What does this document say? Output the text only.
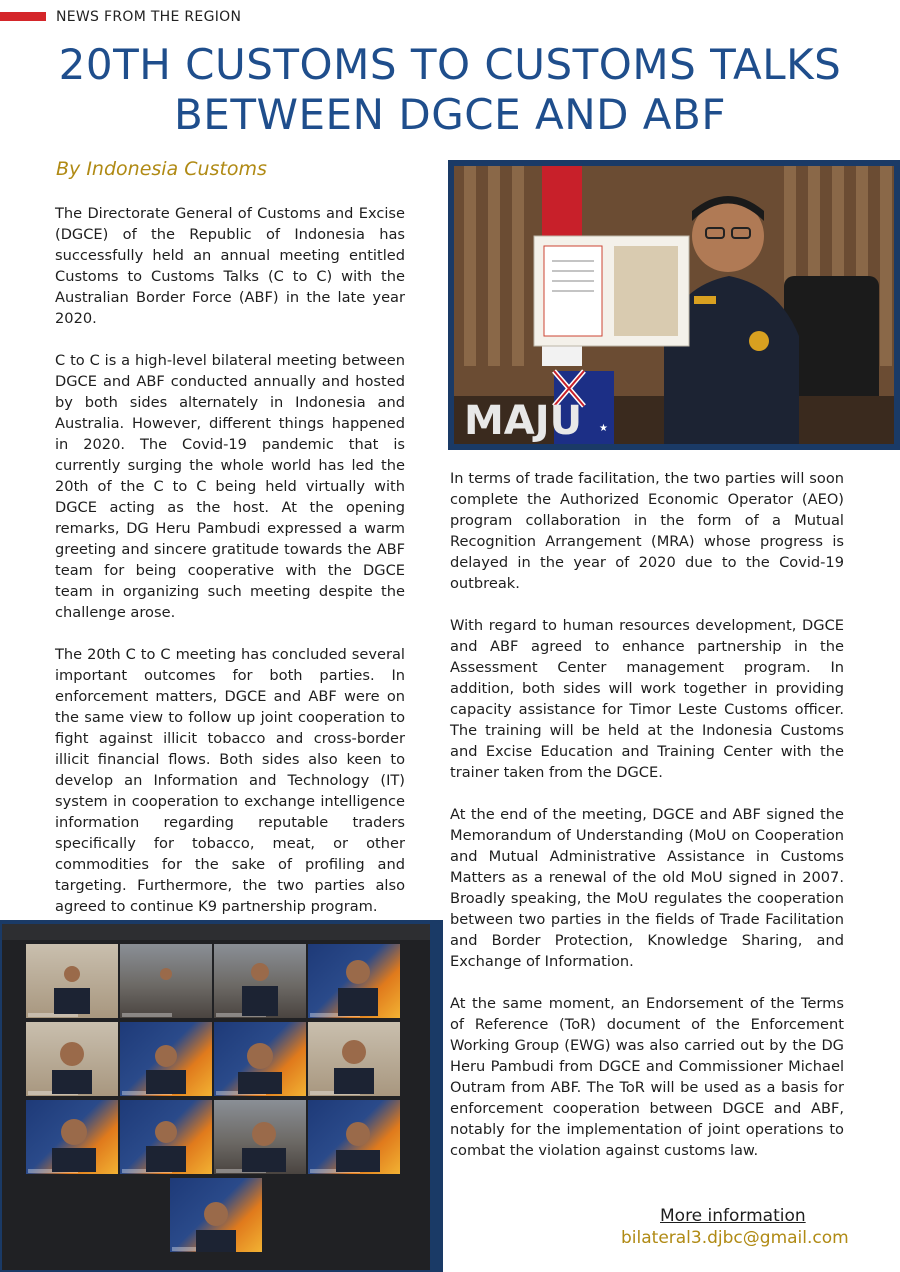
NEWS FROM THE REGION
20TH CUSTOMS TO CUSTOMS TALKS
BETWEEN DGCE AND ABF
By Indonesia Customs

The Directorate General of Customs and Excise (DGCE) of the Republic of Indonesia has successfully held an annual meeting entitled Customs to Customs Talks (C to C) with the Australian Border Force (ABF) in the late year 2020.

C to C is a high-level bilateral meeting between DGCE and ABF conducted annually and hosted by both sides alternately in Indonesia and Australia. However, different things happened in 2020. The Covid-19 pandemic that is currently surging the whole world has led the 20th of the C to C being held virtually with DGCE acting as the host. At the opening remarks, DG Heru Pambudi expressed a warm greeting and sincere gratitude towards the ABF team for being cooperative with the DGCE team in organizing such meeting despite the challenge arose.

The 20th C to C meeting has concluded several important outcomes for both parties. In enforcement matters, DGCE and ABF were on the same view to follow up joint cooperation to fight against illicit tobacco and cross-border illicit financial flows. Both sides also keen to develop an Information and Technology (IT) system in cooperation to exchange intelligence information regarding reputable traders specifically for tobacco, meat, or other commodities for the sake of profiling and targeting. Furthermore, the two parties also agreed to continue K9 partnership program.

★
MAJU

In terms of trade facilitation, the two parties will soon complete the Authorized Economic Operator (AEO) program collaboration in the form of a Mutual Recognition Arrangement (MRA) whose progress is delayed in the year of 2020 due to the Covid-19 outbreak.

With regard to human resources development, DGCE and ABF agreed to enhance partnership in the Assessment Center management program. In addition, both sides will work together in providing capacity assistance for Timor Leste Customs officer. The training will be held at the Indonesia Customs and Excise Education and Training Center with the trainer taken from the DGCE.

At the end of the meeting, DGCE and ABF signed the Memorandum of Understanding (MoU on Cooperation and Mutual Administrative Assistance in Customs Matters as a renewal of the old MoU signed in 2007. Broadly speaking, the MoU regulates the cooperation between two parties in the fields of Trade Facilitation and Border Protection, Knowledge Sharing, and Exchange of Information.

At the same moment, an Endorsement of the Terms of Reference (ToR) document of the Enforcement Working Group (EWG) was also carried out by the DG Heru Pambudi from DGCE and Commissioner Michael Outram from ABF. The ToR will be used as a basis for enforcement cooperation between DGCE and ABF, notably for the implementation of joint operations to combat the violation against customs law.

More information
bilateral3.djbc@gmail.com
